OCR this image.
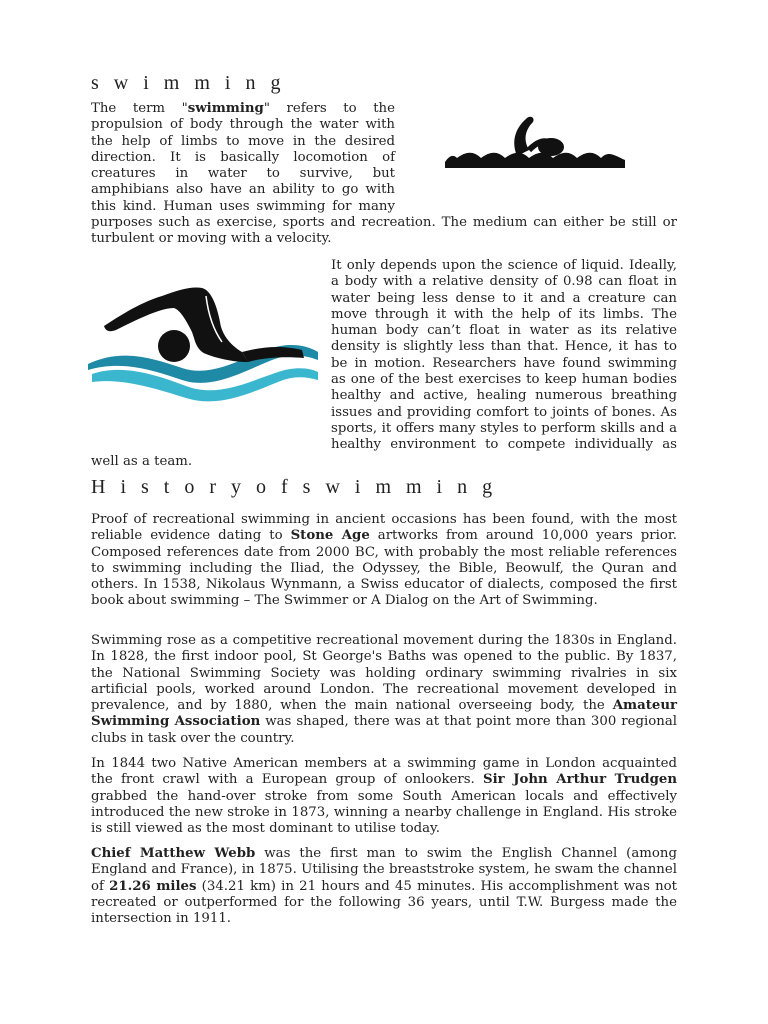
s w i m m i n g
The term "swimming" refers to the propulsion of body through the water with the help of limbs to move in the desired direction. It is basically locomotion of creatures in water to survive, but amphibians also have an ability to go with this kind. Human uses swimming for many purposes such as exercise, sports and recreation. The medium can either be still or turbulent or moving with a velocity.
It only depends upon the science of liquid. Ideally, a body with a relative density of 0.98 can float in water being less dense to it and a creature can move through it with the help of its limbs. The human body can’t float in water as its relative density is slightly less than that. Hence, it has to be in motion. Researchers have found swimming as one of the best exercises to keep human bodies healthy and active, healing numerous breathing issues and providing comfort to joints of bones. As sports, it offers many styles to perform skills and a healthy environment to compete individually as well as a team.
H i s t o r y o f s w i m m i n g
Proof of recreational swimming in ancient occasions has been found, with the most reliable evidence dating to Stone Age artworks from around 10,000 years prior. Composed references date from 2000 BC, with probably the most reliable references to swimming including the Iliad, the Odyssey, the Bible, Beowulf, the Quran and others. In 1538, Nikolaus Wynmann, a Swiss educator of dialects, composed the first book about swimming – The Swimmer or A Dialog on the Art of Swimming.
Swimming rose as a competitive recreational movement during the 1830s in England. In 1828, the first indoor pool, St George's Baths was opened to the public. By 1837, the National Swimming Society was holding ordinary swimming rivalries in six artificial pools, worked around London. The recreational movement developed in prevalence, and by 1880, when the main national overseeing body, the Amateur Swimming Association was shaped, there was at that point more than 300 regional clubs in task over the country.
In 1844 two Native American members at a swimming game in London acquainted the front crawl with a European group of onlookers. Sir John Arthur Trudgen grabbed the hand-over stroke from some South American locals and effectively introduced the new stroke in 1873, winning a nearby challenge in England. His stroke is still viewed as the most dominant to utilise today.
Chief Matthew Webb was the first man to swim the English Channel (among England and France), in 1875. Utilising the breaststroke system, he swam the channel of 21.26 miles (34.21 km) in 21 hours and 45 minutes. His accomplishment was not recreated or outperformed for the following 36 years, until T.W. Burgess made the intersection in 1911.
